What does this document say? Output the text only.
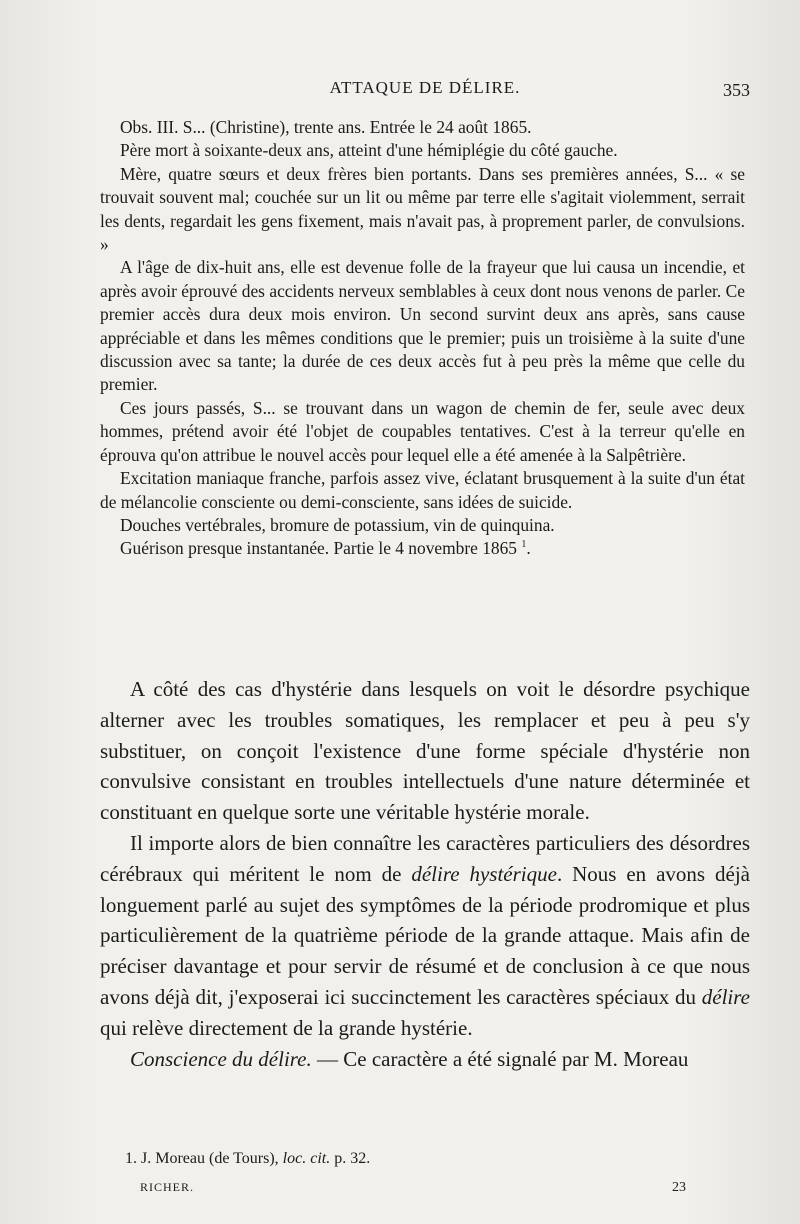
ATTAQUE DE DÉLIRE.	353

Obs. III. S... (Christine), trente ans. Entrée le 24 août 1865.

Père mort à soixante-deux ans, atteint d'une hémiplégie du côté gauche.

Mère, quatre sœurs et deux frères bien portants. Dans ses premières années, S... « se trouvait souvent mal; couchée sur un lit ou même par terre elle s'agitait violemment, serrait les dents, regardait les gens fixement, mais n'avait pas, à proprement parler, de convulsions. »

A l'âge de dix-huit ans, elle est devenue folle de la frayeur que lui causa un incendie, et après avoir éprouvé des accidents nerveux semblables à ceux dont nous venons de parler. Ce premier accès dura deux mois environ. Un second survint deux ans après, sans cause appréciable et dans les mêmes conditions que le premier; puis un troisième à la suite d'une discussion avec sa tante; la durée de ces deux accès fut à peu près la même que celle du premier.

Ces jours passés, S... se trouvant dans un wagon de chemin de fer, seule avec deux hommes, prétend avoir été l'objet de coupables tentatives. C'est à la terreur qu'elle en éprouva qu'on attribue le nouvel accès pour lequel elle a été amenée à la Salpêtrière.

Excitation maniaque franche, parfois assez vive, éclatant brusquement à la suite d'un état de mélancolie consciente ou demi-consciente, sans idées de suicide.

Douches vertébrales, bromure de potassium, vin de quinquina.

Guérison presque instantanée. Partie le 4 novembre 1865 $^1$.

A côté des cas d'hystérie dans lesquels on voit le désordre psychique alterner avec les troubles somatiques, les remplacer et peu à peu s'y substituer, on conçoit l'existence d'une forme spéciale d'hystérie non convulsive consistant en troubles intellectuels d'une nature déterminée et constituant en quelque sorte une véritable hystérie morale.

Il importe alors de bien connaître les caractères particuliers des désordres cérébraux qui méritent le nom de délire hystérique. Nous en avons déjà longuement parlé au sujet des symptômes de la période prodromique et plus particulièrement de la quatrième période de la grande attaque. Mais afin de préciser davantage et pour servir de résumé et de conclusion à ce que nous avons déjà dit, j'exposerai ici succinctement les caractères spéciaux du délire qui relève directement de la grande hystérie.

Conscience du délire. — Ce caractère a été signalé par M. Moreau

1. J. Moreau (de Tours), loc. cit. p. 32.
RICHER.	23
